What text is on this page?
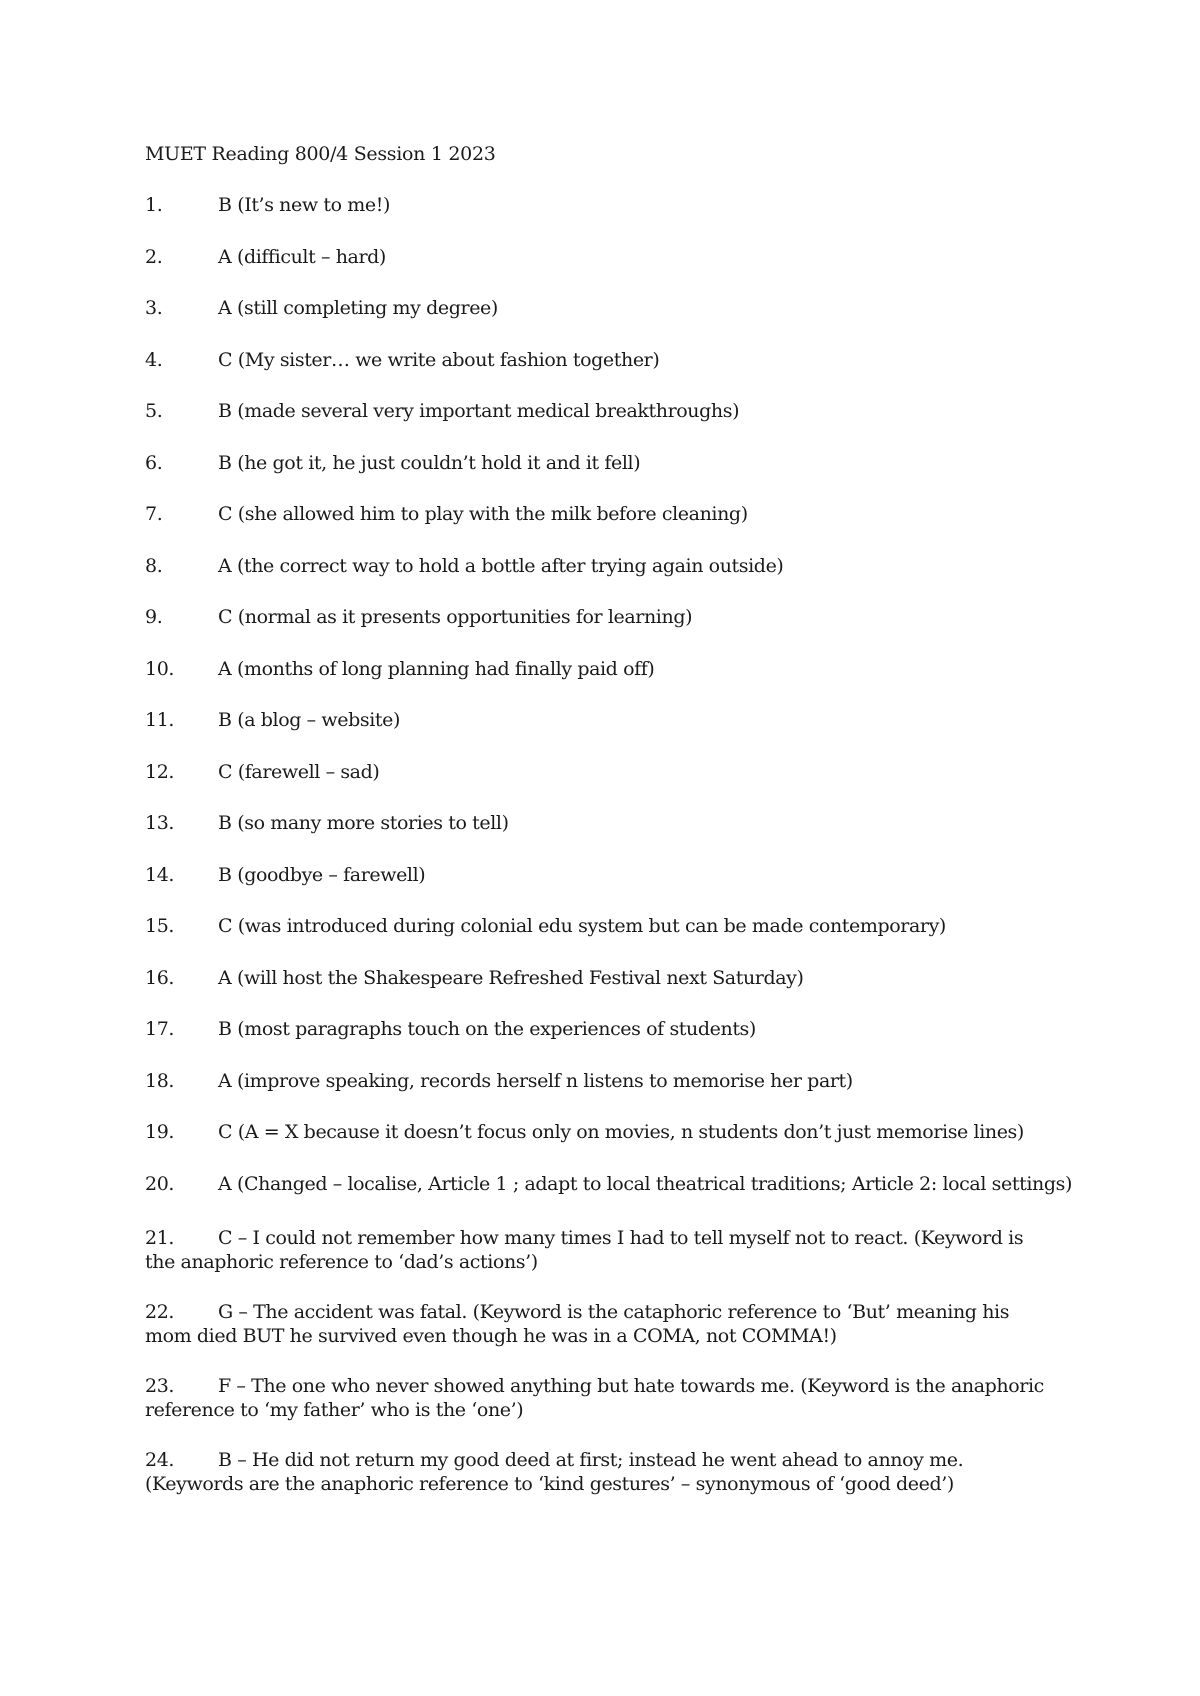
MUET Reading 800/4 Session 1 2023
1.	B (It’s new to me!)
2.	A (difficult – hard)
3.	A (still completing my degree)
4.	C (My sister… we write about fashion together)
5.	B (made several very important medical breakthroughs)
6.	B (he got it, he just couldn’t hold it and it fell)
7.	C (she allowed him to play with the milk before cleaning)
8.	A (the correct way to hold a bottle after trying again outside)
9.	C (normal as it presents opportunities for learning)
10.	A (months of long planning had finally paid off)
11.	B (a blog – website)
12.	C (farewell – sad)
13.	B (so many more stories to tell)
14.	B (goodbye – farewell)
15.	C (was introduced during colonial edu system but can be made contemporary)
16.	A (will host the Shakespeare Refreshed Festival next Saturday)
17.	B (most paragraphs touch on the experiences of students)
18.	A (improve speaking, records herself n listens to memorise her part)
19.	C (A = X because it doesn’t focus only on movies, n students don’t just memorise lines)
20.	A (Changed – localise, Article 1 ; adapt to local theatrical traditions; Article 2: local settings)
21. C – I could not remember how many times I had to tell myself not to react. (Keyword is the anaphoric reference to ‘dad’s actions’)
22. G – The accident was fatal. (Keyword is the cataphoric reference to ‘But’ meaning his mom died BUT he survived even though he was in a COMA, not COMMA!)
23. F – The one who never showed anything but hate towards me. (Keyword is the anaphoric reference to ‘my father’ who is the ‘one’)
24. B – He did not return my good deed at first; instead he went ahead to annoy me. (Keywords are the anaphoric reference to ‘kind gestures’ – synonymous of ‘good deed’)
